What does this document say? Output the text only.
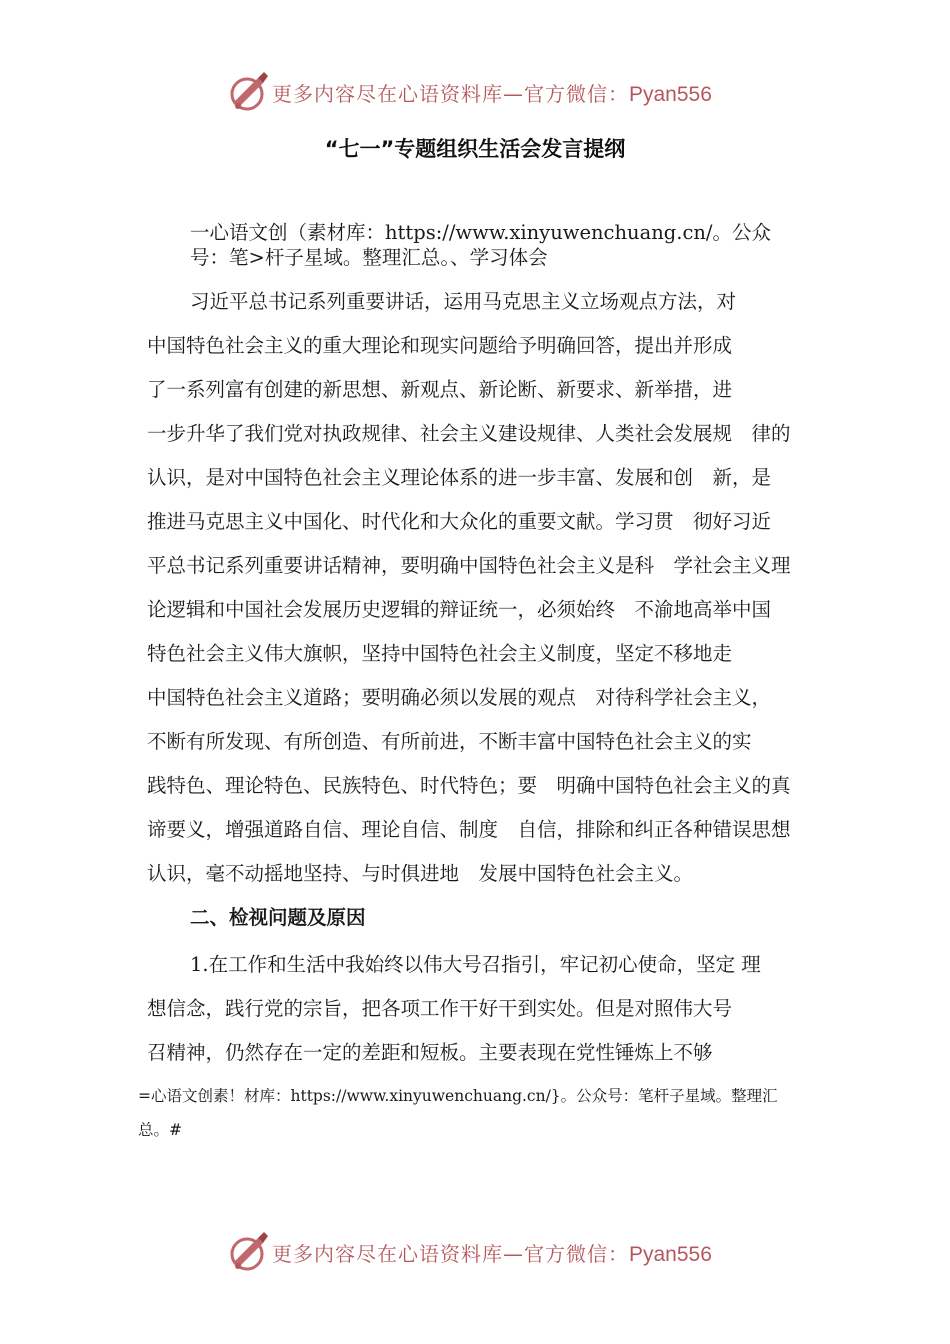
更多内容尽在心语资料库—官方微信：Pyan556
“七一”专题组织生活会发言提纲
一心语文创（素材库：https://www.xinyuwenchuang.cn/。公众
号：笔>杆子星域。整理汇总。、学习体会
习近平总书记系列重要讲话，运用马克思主义立场观点方法，对
中国特色社会主义的重大理论和现实问题给予明确回答，提出并形成
了一系列富有创建的新思想、新观点、新论断、新要求、新举措，进
一步升华了我们党对执政规律、社会主义建设规律、人类社会发展规　律的
认识，是对中国特色社会主义理论体系的进一步丰富、发展和创　新，是
推进马克思主义中国化、时代化和大众化的重要文献。学习贯　彻好习近
平总书记系列重要讲话精神，要明确中国特色社会主义是科　学社会主义理
论逻辑和中国社会发展历史逻辑的辩证统一，必须始终　不渝地高举中国
特色社会主义伟大旗帜，坚持中国特色社会主义制度，坚定不移地走
中国特色社会主义道路；要明确必须以发展的观点　对待科学社会主义，
不断有所发现、有所创造、有所前进，不断丰富中国特色社会主义的实
践特色、理论特色、民族特色、时代特色；要　明确中国特色社会主义的真
谛要义，增强道路自信、理论自信、制度　自信，排除和纠正各种错误思想
认识，毫不动摇地坚持、与时俱进地　发展中国特色社会主义。
二、检视问题及原因
1.在工作和生活中我始终以伟大号召指引，牢记初心使命，坚定 理
想信念，践行党的宗旨，把各项工作干好干到实处。但是对照伟大号
召精神，仍然存在一定的差距和短板。主要表现在党性锤炼上不够
=心语文创素！材库：https://www.xinyuwenchuang.cn/}。公众号：笔杆子星域。整理汇
总。#
更多内容尽在心语资料库—官方微信：Pyan556
